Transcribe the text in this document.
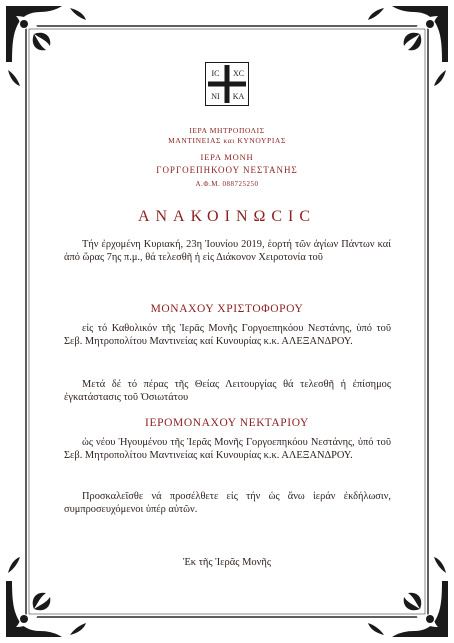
ΙC XC
ΝΙ ΚΑ
ΙΕΡΑ ΜΗΤΡΟΠΟΛΙΣ
ΜΑΝΤΙΝΕΙΑΣ και ΚΥΝΟΥΡΙΑΣ
ΙΕΡΑ ΜΟΝΗ
ΓΟΡΓΟΕΠΗΚΟΟΥ ΝΕΣΤΑΝΗΣ
Α.Φ.Μ. 088725250
ΑΝΑΚΟΙΝΩCΙC
Τήν ἐρχομένη Κυριακή, 23η Ἰουνίου 2019, ἑορτή τῶν ἁγίων Πάντων καί ἀπό ὥρας 7ης π.μ., θά τελεσθῆ ἡ εἰς Διάκονον Χειροτονία τοῦ
ΜΟΝΑΧΟΥ ΧΡΙΣΤΟΦΟΡΟΥ
εἰς τό Καθολικόν τῆς Ἱερᾶς Μονῆς Γοργοεπηκόου Νεστάνης, ὑπό τοῦ Σεβ. Μητροπολίτου Μαντινείας καί Κυνουρίας κ.κ. ΑΛΕΞΑΝΔΡΟΥ.
Μετά δέ τό πέρας τῆς Θείας Λειτουργίας θά τελεσθῆ ἡ ἐπίσημος ἐγκατάστασις τοῦ Ὁσιωτάτου
ΙΕΡΟΜΟΝΑΧΟΥ ΝΕΚΤΑΡΙΟΥ
ὡς νέου Ἡγουμένου τῆς Ἱερᾶς Μονῆς Γοργοεπηκόου Νεστάνης, ὑπό τοῦ Σεβ. Μητροπολίτου Μαντινείας καί Κυνουρίας κ.κ. ΑΛΕΞΑΝΔΡΟΥ.
Προσκαλεῖσθε νά προσέλθετε εἰς τήν ὡς ἄνω ἱεράν ἐκδήλωσιν, συμπροσευχόμενοι ὑπέρ αὐτῶν.
Ἐκ τῆς Ἱερᾶς Μονῆς
